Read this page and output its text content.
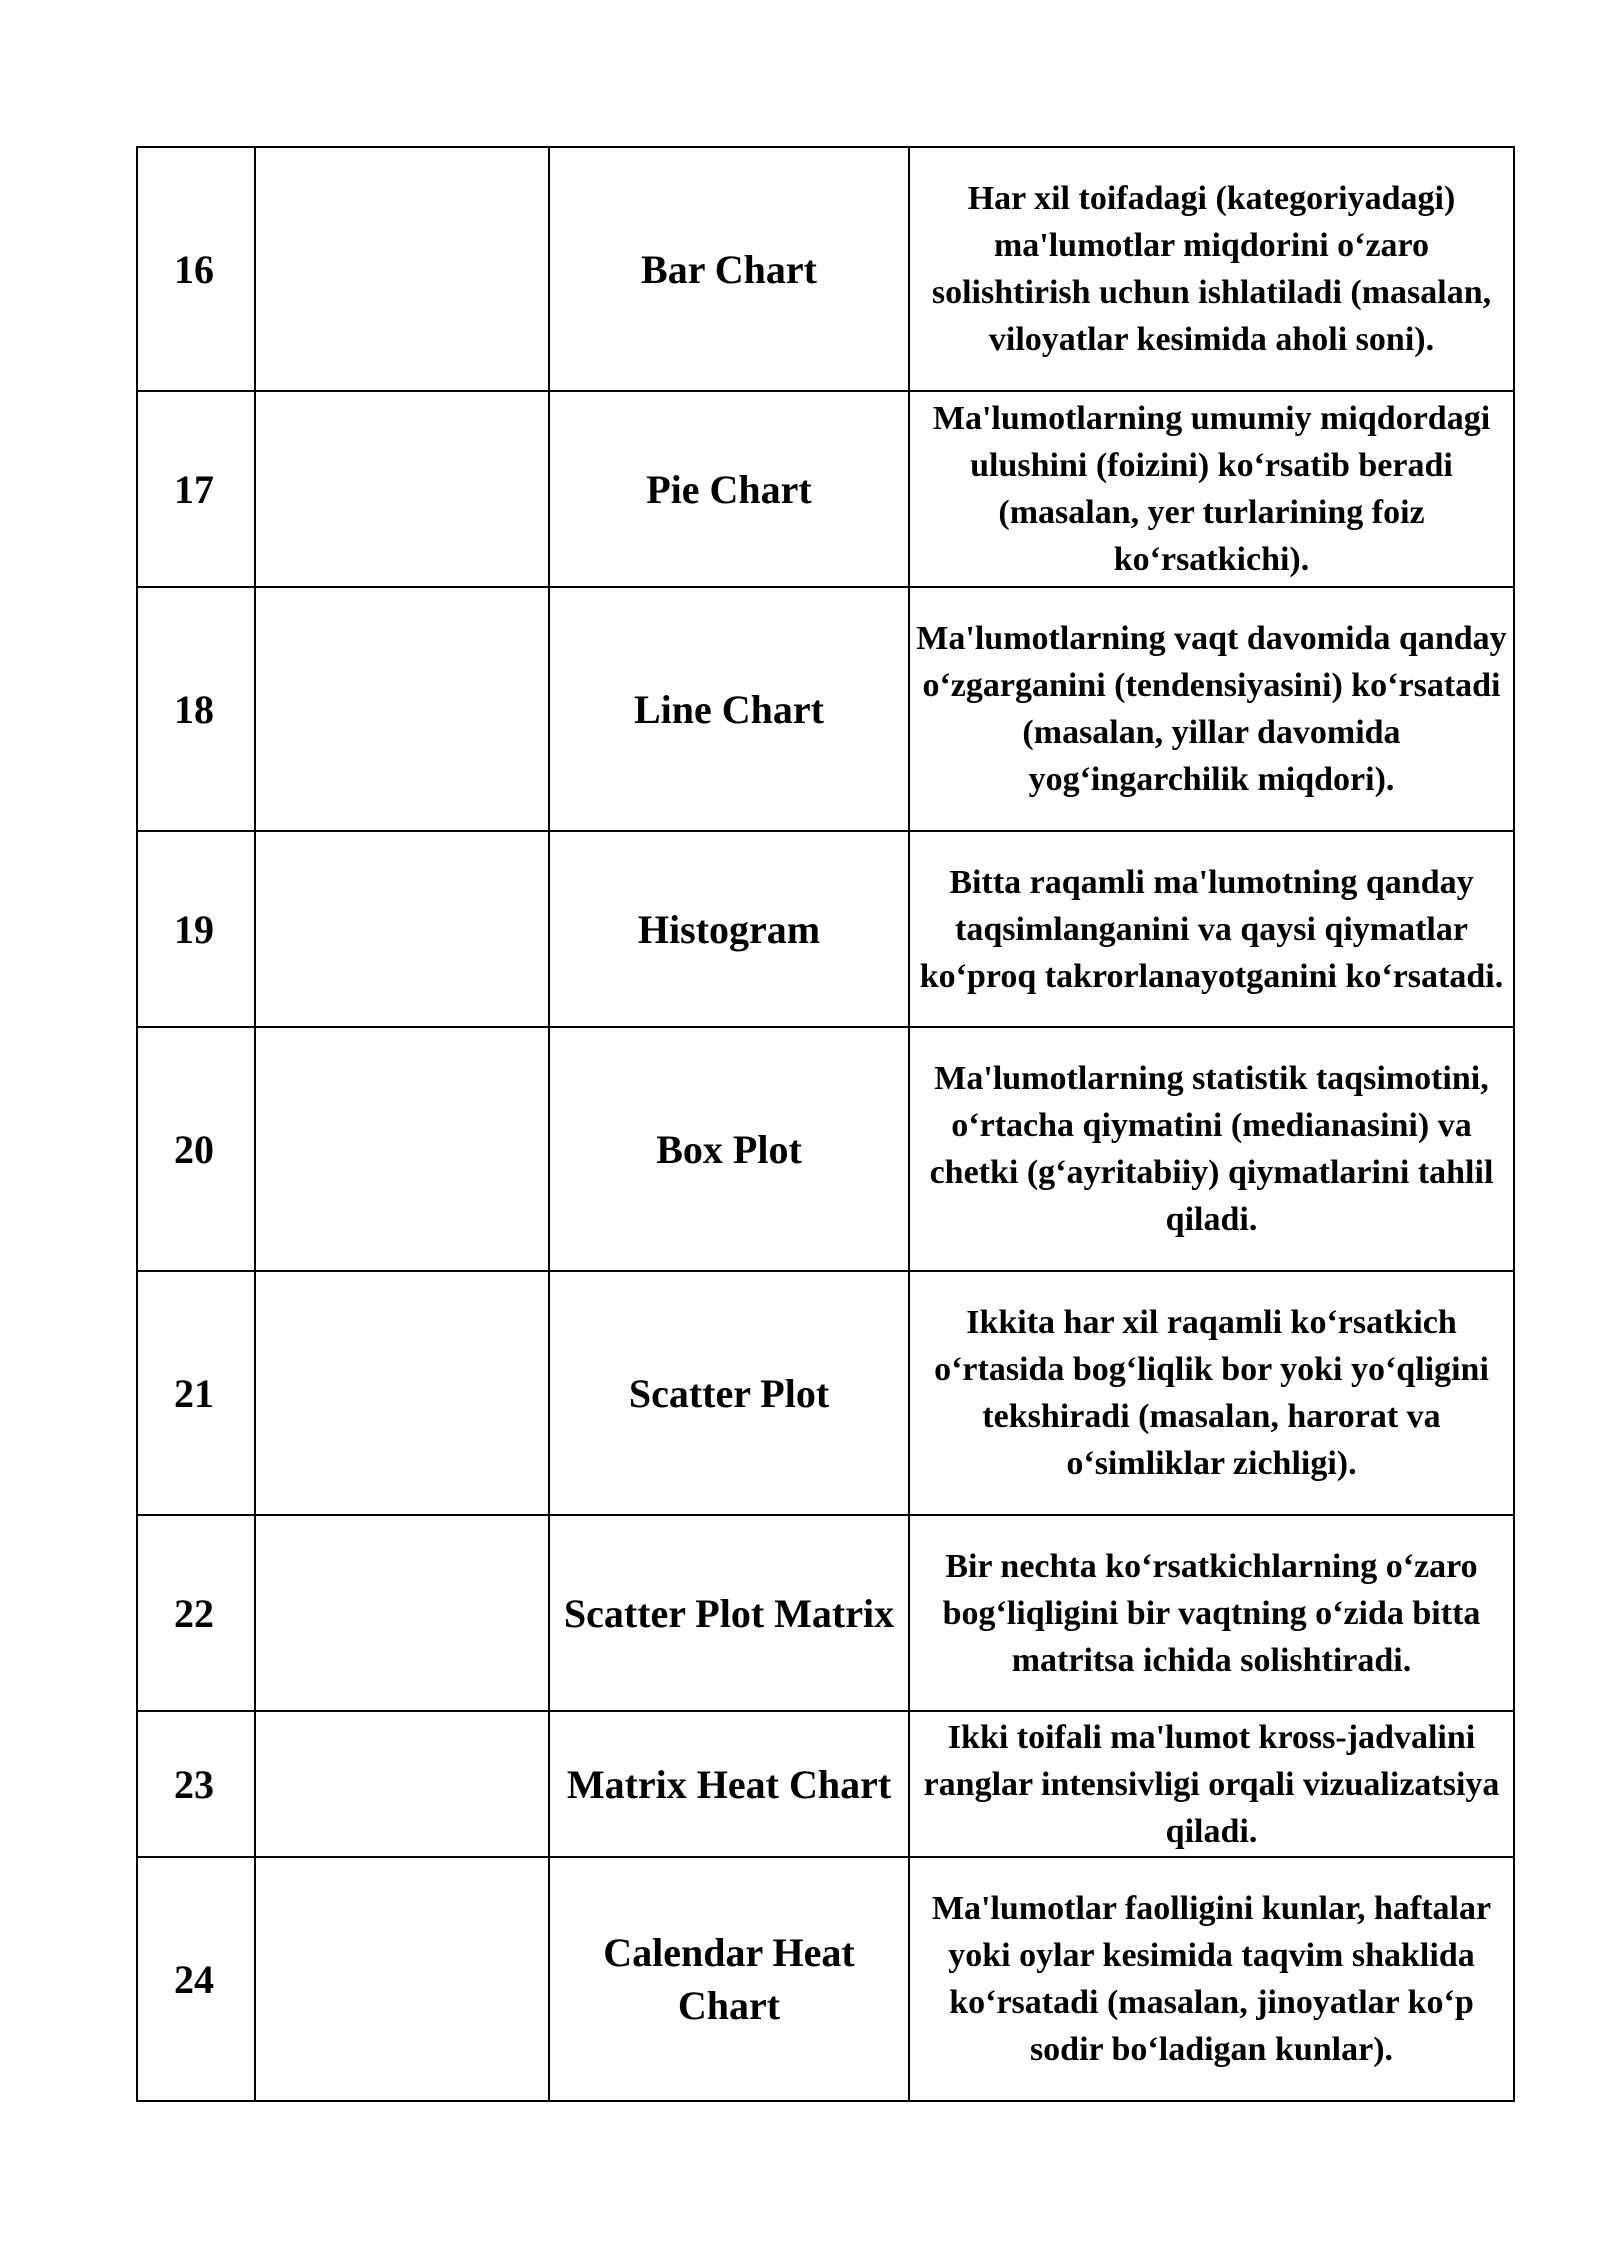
16		Bar Chart	Har xil toifadagi (kategoriyadagi) ma'lumotlar miqdorini o‘zaro solishtirish uchun ishlatiladi (masalan, viloyatlar kesimida aholi soni).
17		Pie Chart	Ma'lumotlarning umumiy miqdordagi ulushini (foizini) ko‘rsatib beradi (masalan, yer turlarining foiz ko‘rsatkichi).
18		Line Chart	Ma'lumotlarning vaqt davomida qanday o‘zgarganini (tendensiyasini) ko‘rsatadi (masalan, yillar davomida yog‘ingarchilik miqdori).
19		Histogram	Bitta raqamli ma'lumotning qanday taqsimlanganini va qaysi qiymatlar ko‘proq takrorlanayotganini ko‘rsatadi.
20		Box Plot	Ma'lumotlarning statistik taqsimotini, o‘rtacha qiymatini (medianasini) va chetki (g‘ayritabiiy) qiymatlarini tahlil qiladi.
21		Scatter Plot	Ikkita har xil raqamli ko‘rsatkich o‘rtasida bog‘liqlik bor yoki yo‘qligini tekshiradi (masalan, harorat va o‘simliklar zichligi).
22		Scatter Plot Matrix	Bir nechta ko‘rsatkichlarning o‘zaro bog‘liqligini bir vaqtning o‘zida bitta matritsa ichida solishtiradi.
23		Matrix Heat Chart	Ikki toifali ma'lumot kross-jadvalini ranglar intensivligi orqali vizualizatsiya qiladi.
24		Calendar Heat Chart	Ma'lumotlar faolligini kunlar, haftalar yoki oylar kesimida taqvim shaklida ko‘rsatadi (masalan, jinoyatlar ko‘p sodir bo‘ladigan kunlar).
